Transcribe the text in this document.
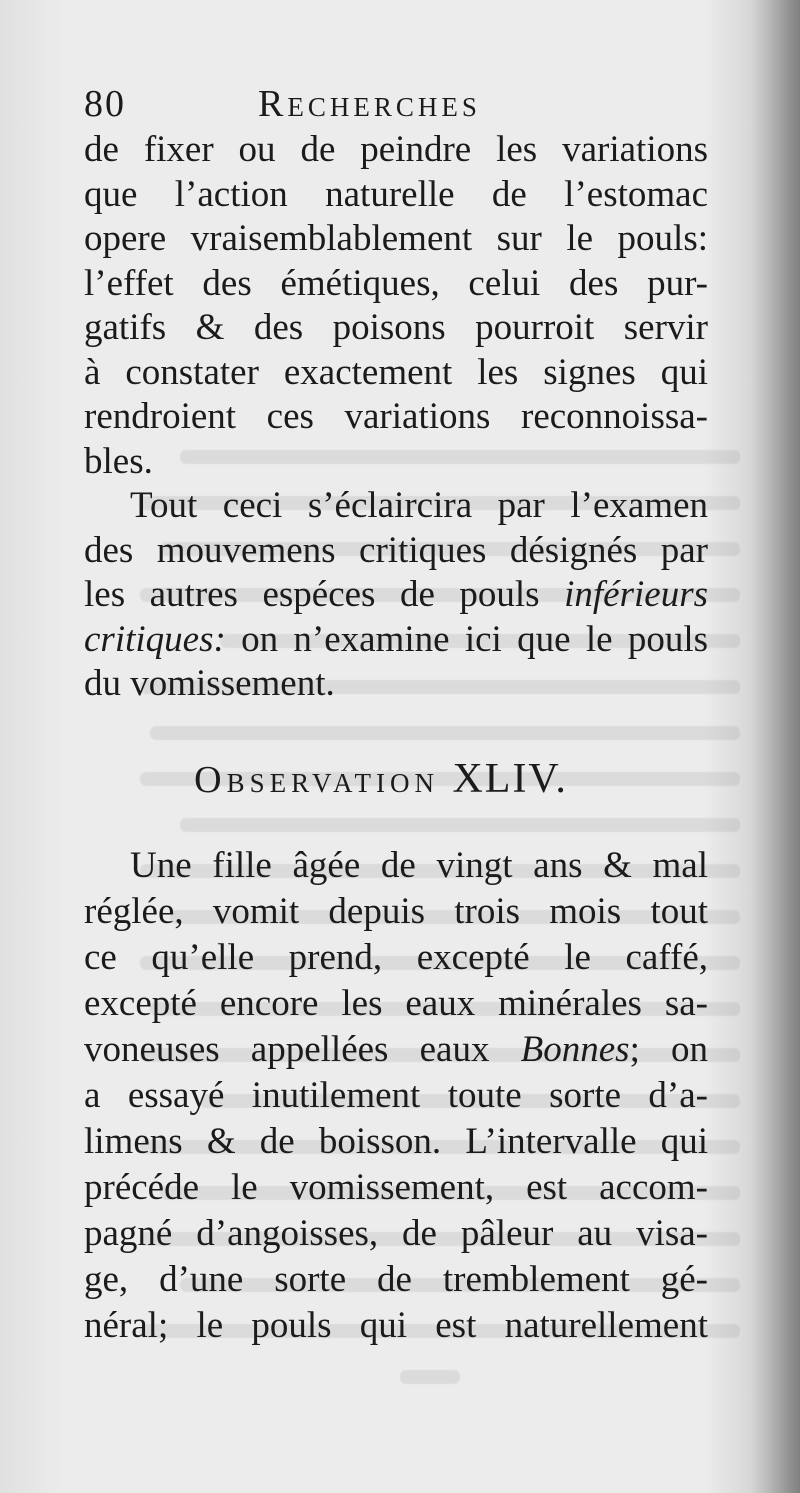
80	Recherches
de fixer ou de peindre les variations
que l’action naturelle de l’estomac
opere vraisemblablement sur le pouls:
l’effet des émétiques, celui des pur-
gatifs & des poisons pourroit servir
à constater exactement les signes qui
rendroient ces variations reconnoissa-
bles.
Tout ceci s’éclaircira par l’examen
des mouvemens critiques désignés par
les autres espéces de pouls inférieurs
critiques: on n’examine ici que le pouls
du vomissement.
Observation XLIV.
Une fille âgée de vingt ans & mal
réglée, vomit depuis trois mois tout
ce qu’elle prend, excepté le caffé,
excepté encore les eaux minérales sa-
voneuses appellées eaux Bonnes; on
a essayé inutilement toute sorte d’a-
limens & de boisson. L’intervalle qui
précéde le vomissement, est accom-
pagné d’angoisses, de pâleur au visa-
ge, d’une sorte de tremblement gé-
néral; le pouls qui est naturellement
